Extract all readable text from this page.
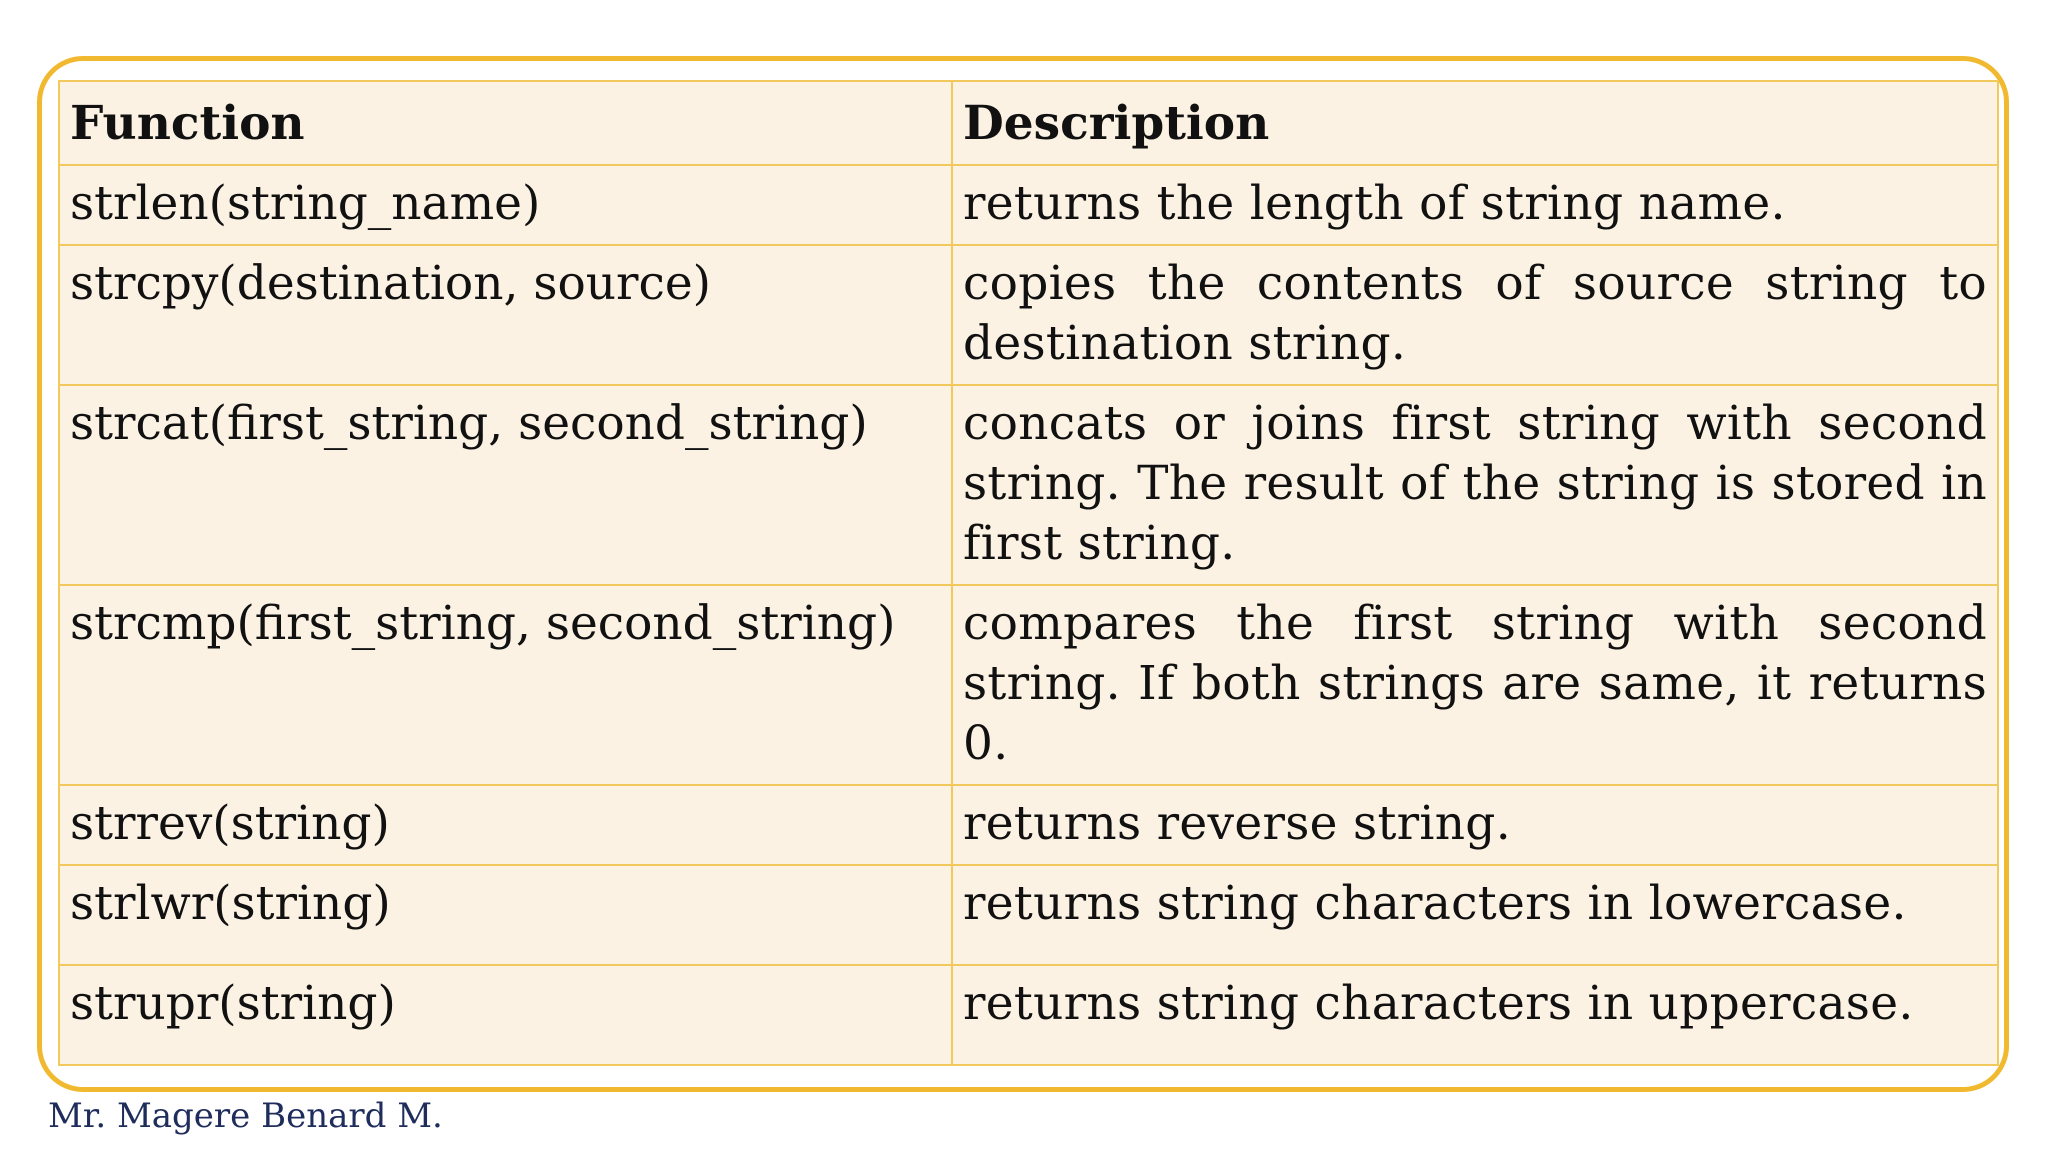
Function	Description
strlen(string_name)	returns the length of string name.
strcpy(destination, source)	copies the contents of source string to destination string.
strcat(first_string, second_string)	concats or joins first string with second string. The result of the string is stored in first string.
strcmp(first_string, second_string)	compares the first string with second string. If both strings are same, it returns 0.
strrev(string)	returns reverse string.
strlwr(string)	returns string characters in lowercase.
strupr(string)	returns string characters in uppercase.
Mr. Magere Benard M.
